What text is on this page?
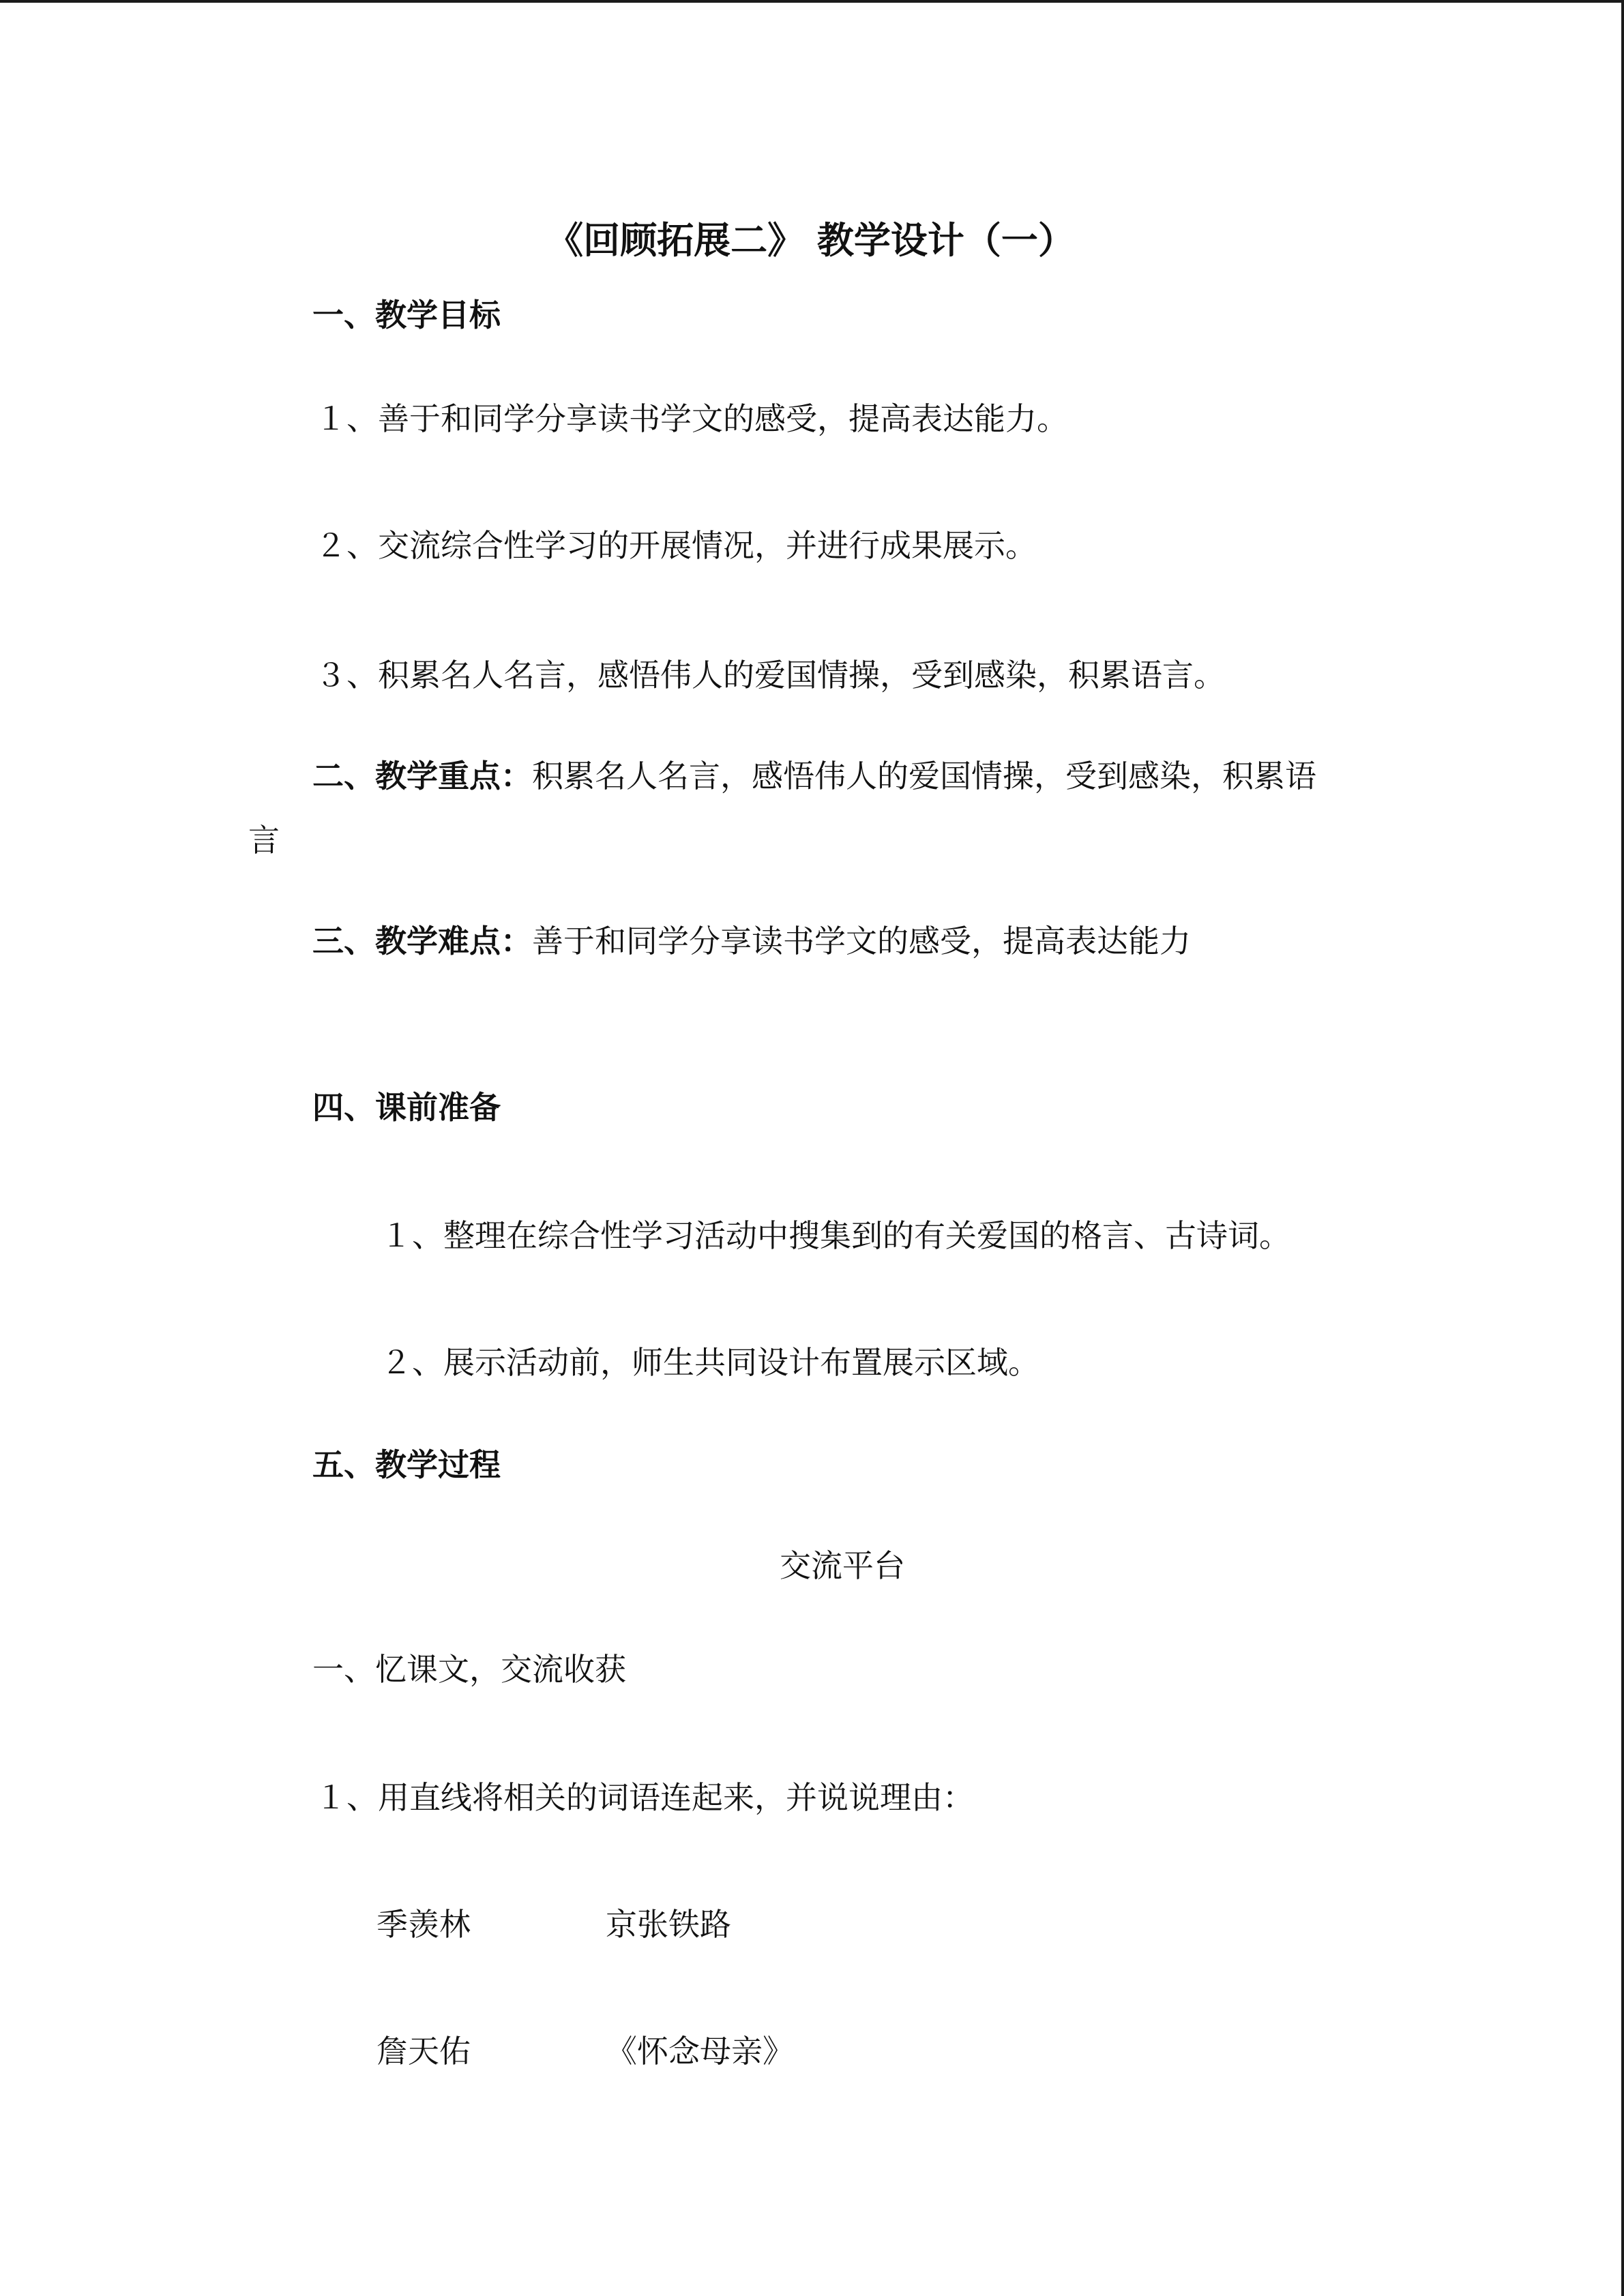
《回顾拓展二》 教学设计（一）
一、教学目标
１、善于和同学分享读书学文的感受，提高表达能力。
２、交流综合性学习的开展情况，并进行成果展示。
３、积累名人名言，感悟伟人的爱国情操，受到感染，积累语言。
二、教学重点：积累名人名言，感悟伟人的爱国情操，受到感染，积累语
言
三、教学难点：善于和同学分享读书学文的感受，提高表达能力
四、课前准备
１、整理在综合性学习活动中搜集到的有关爱国的格言、古诗词。
２、展示活动前，师生共同设计布置展示区域。
五、教学过程
交流平台
一、忆课文，交流收获
１、用直线将相关的词语连起来，并说说理由：
季羡林	京张铁路
詹天佑	《怀念母亲》
